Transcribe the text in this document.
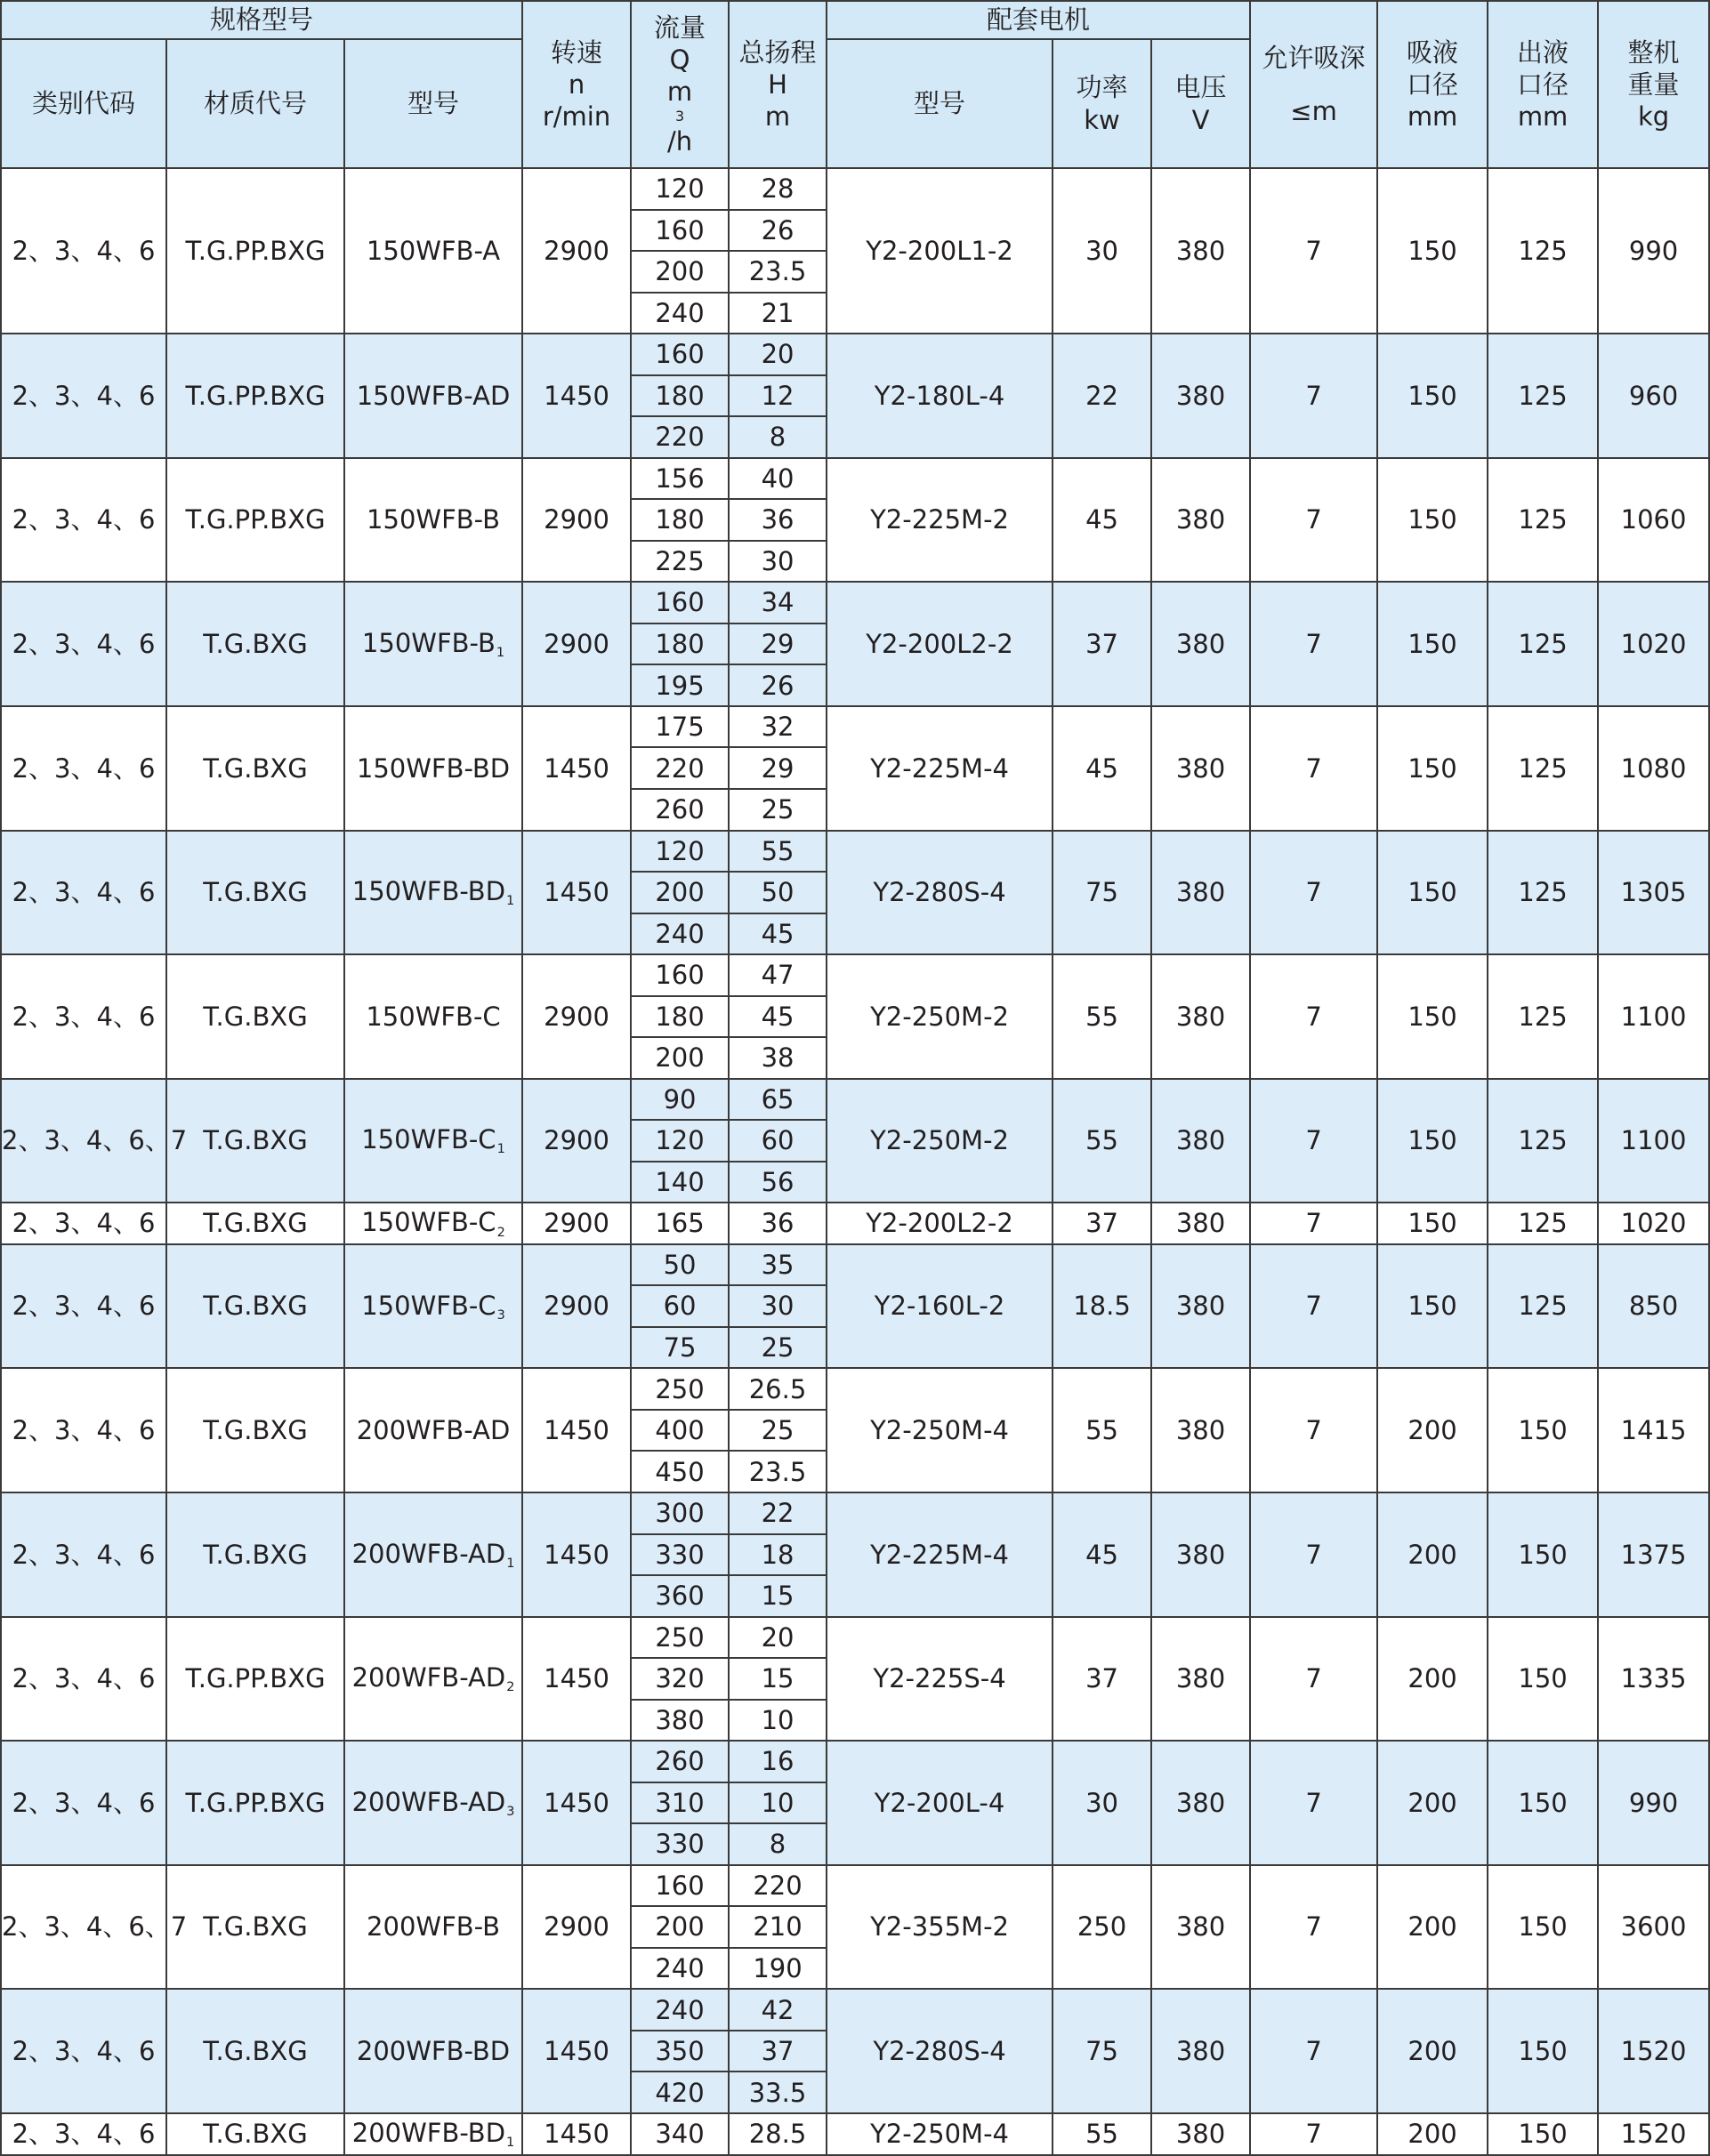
规格型号			转速
n
r/min	流量
Q
m
3
/h	总扬程
H
m	配套电机			允许吸深
≤m	吸液
口径
mm	出液
口径
mm	整机
重量
kg

类别代码	材质代号	型号				型号	功率
kw	电压
V				

2、3、4、6	T.G.PP.BXG	150WFB-A	2900	120	28	Y2-200L1-2	30	380	7	150	125	990
				160	26							
				200	23.5							
				240	21							
2、3、4、6	T.G.PP.BXG	150WFB-AD	1450	160	20	Y2-180L-4	22	380	7	150	125	960
				180	12							
				220	8							
2、3、4、6	T.G.PP.BXG	150WFB-B	2900	156	40	Y2-225M-2	45	380	7	150	125	1060
				180	36							
				225	30							
2、3、4、6	T.G.BXG	$150WFB-B_1$	2900	160	34	Y2-200L2-2	37	380	7	150	125	1020
				180	29							
				195	26							
2、3、4、6	T.G.BXG	150WFB-BD	1450	175	32	Y2-225M-4	45	380	7	150	125	1080
				220	29							
				260	25							
2、3、4、6	T.G.BXG	$150WFB-BD_1$	1450	120	55	Y2-280S-4	75	380	7	150	125	1305
				200	50							
				240	45							
2、3、4、6	T.G.BXG	150WFB-C	2900	160	47	Y2-250M-2	55	380	7	150	125	1100
				180	45							
				200	38							
2、3、4、6、7	T.G.BXG	$150WFB-C_1$	2900	90	65	Y2-250M-2	55	380	7	150	125	1100
				120	60							
				140	56							
2、3、4、6	T.G.BXG	$150WFB-C_2$	2900	165	36	Y2-200L2-2	37	380	7	150	125	1020
2、3、4、6	T.G.BXG	$150WFB-C_3$	2900	50	35	Y2-160L-2	18.5	380	7	150	125	850
				60	30							
				75	25							
2、3、4、6	T.G.BXG	200WFB-AD	1450	250	26.5	Y2-250M-4	55	380	7	200	150	1415
				400	25							
				450	23.5							
2、3、4、6	T.G.BXG	$200WFB-AD_1$	1450	300	22	Y2-225M-4	45	380	7	200	150	1375
				330	18							
				360	15							
2、3、4、6	T.G.PP.BXG	$200WFB-AD_2$	1450	250	20	Y2-225S-4	37	380	7	200	150	1335
				320	15							
				380	10							
2、3、4、6	T.G.PP.BXG	$200WFB-AD_3$	1450	260	16	Y2-200L-4	30	380	7	200	150	990
				310	10							
				330	8							
2、3、4、6、7	T.G.BXG	200WFB-B	2900	160	220	Y2-355M-2	250	380	7	200	150	3600
				200	210							
				240	190							
2、3、4、6	T.G.BXG	200WFB-BD	1450	240	42	Y2-280S-4	75	380	7	200	150	1520
				350	37							
				420	33.5							
2、3、4、6	T.G.BXG	$200WFB-BD_1$	1450	340	28.5	Y2-250M-4	55	380	7	200	150	1520
